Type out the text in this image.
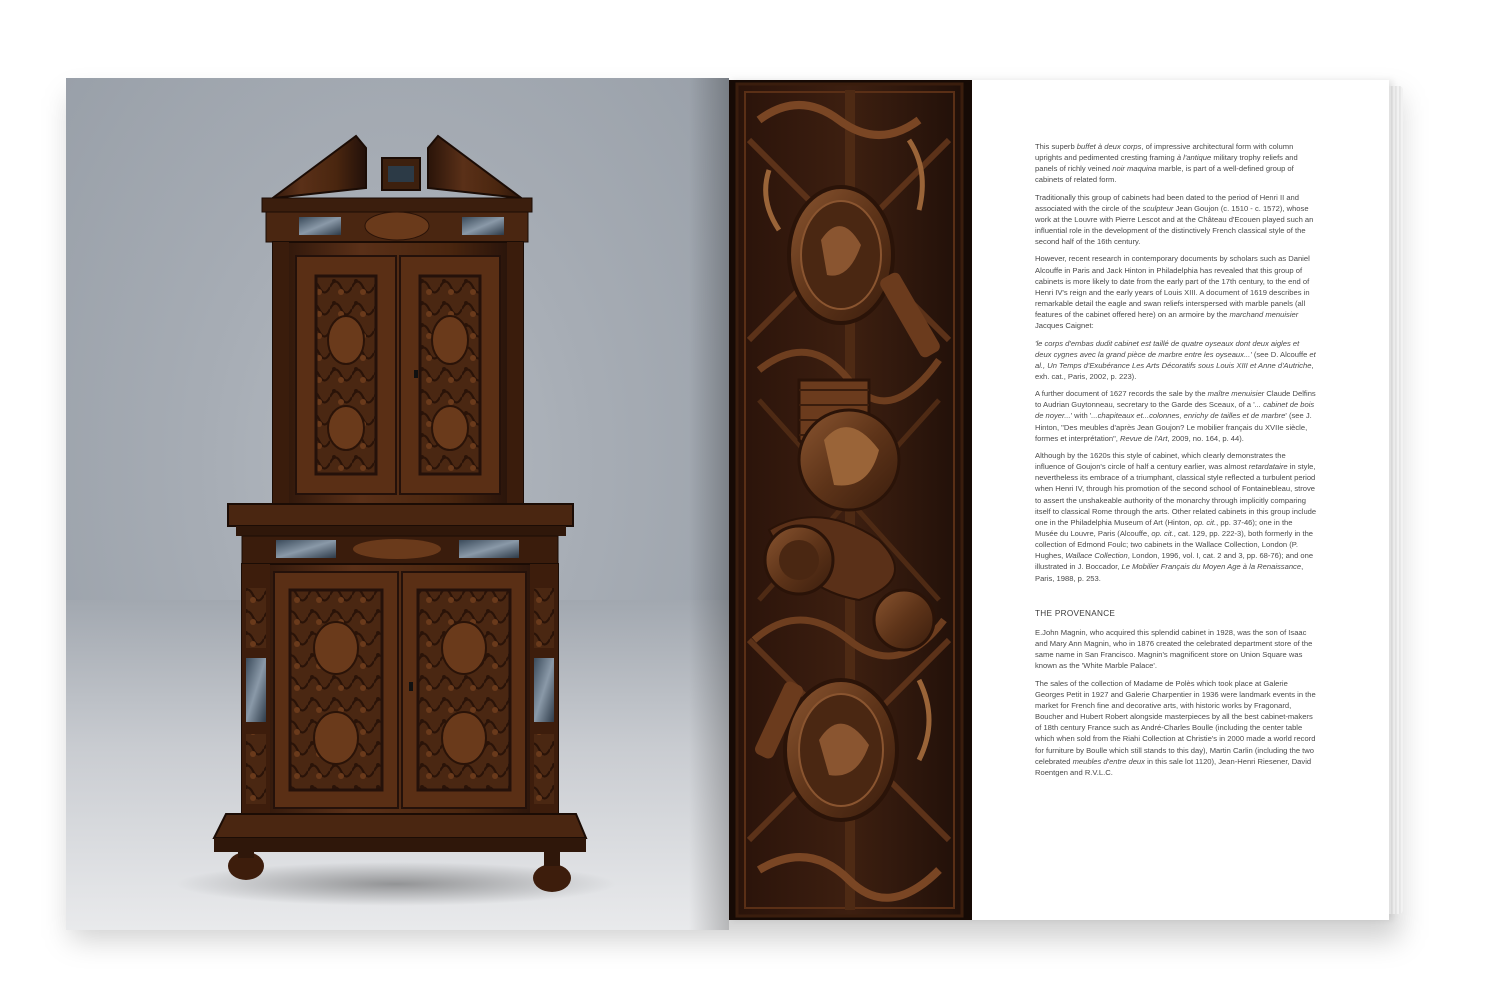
This superb buffet à deux corps, of impressive architectural form with column uprights and pedimented cresting framing à l'antique military trophy reliefs and panels of richly veined noir maquina marble, is part of a well-defined group of cabinets of related form.

Traditionally this group of cabinets had been dated to the period of Henri II and associated with the circle of the sculpteur Jean Goujon (c. 1510 - c. 1572), whose work at the Louvre with Pierre Lescot and at the Château d'Ecouen played such an influential role in the development of the distinctively French classical style of the second half of the 16th century.

However, recent research in contemporary documents by scholars such as Daniel Alcouffe in Paris and Jack Hinton in Philadelphia has revealed that this group of cabinets is more likely to date from the early part of the 17th century, to the end of Henri IV's reign and the early years of Louis XIII. A document of 1619 describes in remarkable detail the eagle and swan reliefs interspersed with marble panels (all features of the cabinet offered here) on an armoire by the marchand menuisier Jacques Caignet:

'le corps d'embas dudit cabinet est taillé de quatre oyseaux dont deux aigles et deux cygnes avec la grand pièce de marbre entre les oyseaux...' (see D. Alcouffe et al., Un Temps d'Exubérance Les Arts Décoratifs sous Louis XIII et Anne d'Autriche, exh. cat., Paris, 2002, p. 223).

A further document of 1627 records the sale by the maître menuisier Claude Delfins to Audrian Guytonneau, secretary to the Garde des Sceaux, of a '... cabinet de bois de noyer...' with '...chapiteaux et...colonnes, enrichy de tailles et de marbre' (see J. Hinton, "Des meubles d'après Jean Goujon? Le mobilier français du XVIIe siècle, formes et interprétation", Revue de l'Art, 2009, no. 164, p. 44).

Although by the 1620s this style of cabinet, which clearly demonstrates the influence of Goujon's circle of half a century earlier, was almost retardataire in style, nevertheless its embrace of a triumphant, classical style reflected a turbulent period when Henri IV, through his promotion of the second school of Fontainebleau, strove to assert the unshakeable authority of the monarchy through implicitly comparing itself to classical Rome through the arts. Other related cabinets in this group include one in the Philadelphia Museum of Art (Hinton, op. cit., pp. 37-46); one in the Musée du Louvre, Paris (Alcouffe, op. cit., cat. 129, pp. 222-3), both formerly in the collection of Edmond Foulc; two cabinets in the Wallace Collection, London (P. Hughes, Wallace Collection, London, 1996, vol. I, cat. 2 and 3, pp. 68-76); and one illustrated in J. Boccador, Le Mobilier Français du Moyen Age à la Renaissance, Paris, 1988, p. 253.

THE PROVENANCE

E.John Magnin, who acquired this splendid cabinet in 1928, was the son of Isaac and Mary Ann Magnin, who in 1876 created the celebrated department store of the same name in San Francisco. Magnin's magnificent store on Union Square was known as the 'White Marble Palace'.

The sales of the collection of Madame de Polès which took place at Galerie Georges Petit in 1927 and Galerie Charpentier in 1936 were landmark events in the market for French fine and decorative arts, with historic works by Fragonard, Boucher and Hubert Robert alongside masterpieces by all the best cabinet-makers of 18th century France such as André-Charles Boulle (including the center table which when sold from the Riahi Collection at Christie's in 2000 made a world record for furniture by Boulle which still stands to this day), Martin Carlin (including the two celebrated meubles d'entre deux in this sale lot 1120), Jean-Henri Riesener, David Roentgen and R.V.L.C.
